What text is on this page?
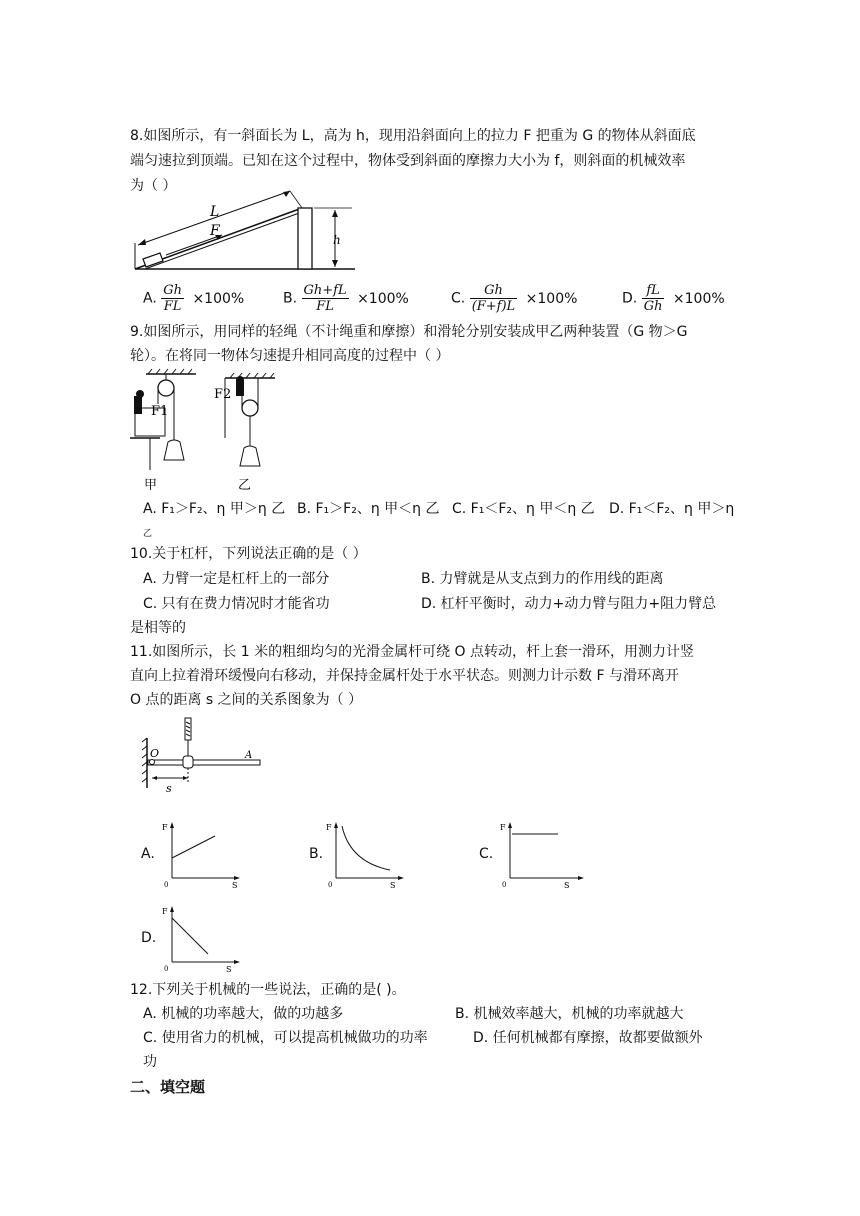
8.如图所示，有一斜面长为 L，高为 h，现用沿斜面向上的拉力 F 把重为 G 的物体从斜面底
端匀速拉到顶端。已知在这个过程中，物体受到斜面的摩擦力大小为 f，则斜面的机械效率
为（ ）
L
F
h
A. $\frac{\text{Gℎ}}{FL} \times 100\%$	B. $\frac{\text{Gℎ+fL}}{FL} \times 100\%$	C. $\frac{\text{Gℎ}}{(F+f)L} \times 100\%$	D. $\frac{fL}{\text{Gℎ}} \times 100\%$
9.如图所示，用同样的轻绳（不计绳重和摩擦）和滑轮分别安装成甲乙两种装置（G 物＞G
轮）。在将同一物体匀速提升相同高度的过程中（ ）
F1
甲
F2
乙
A. F₁＞F₂、η 甲＞η 乙 B. F₁＞F₂、η 甲＜η 乙 C. F₁＜F₂、η 甲＜η 乙 D. F₁＜F₂、η 甲＞η
乙
10.关于杠杆，下列说法正确的是（ ）
A. 力臂一定是杠杆上的一部分	B. 力臂就是从支点到力的作用线的距离
C. 只有在费力情况时才能省功	D. 杠杆平衡时，动力+动力臂与阻力+阻力臂总
是相等的
11.如图所示，长 1 米的粗细均匀的光滑金属杆可绕 O 点转动，杆上套一滑环，用测力计竖
直向上拉着滑环缓慢向右移动，并保持金属杆处于水平状态。则测力计示数 F 与滑环离开
O 点的距离 s 之间的关系图象为（ ）
O	A
s
A.	B.	C.
D.
F
S
0
F
S
0
F
S
0
F
S
0
12.下列关于机械的一些说法，正确的是( )。
A. 机械的功率越大，做的功越多	B. 机械效率越大，机械的功率就越大
C. 使用省力的机械，可以提高机械做功的功率	D. 任何机械都有摩擦，故都要做额外
功
二、填空题
